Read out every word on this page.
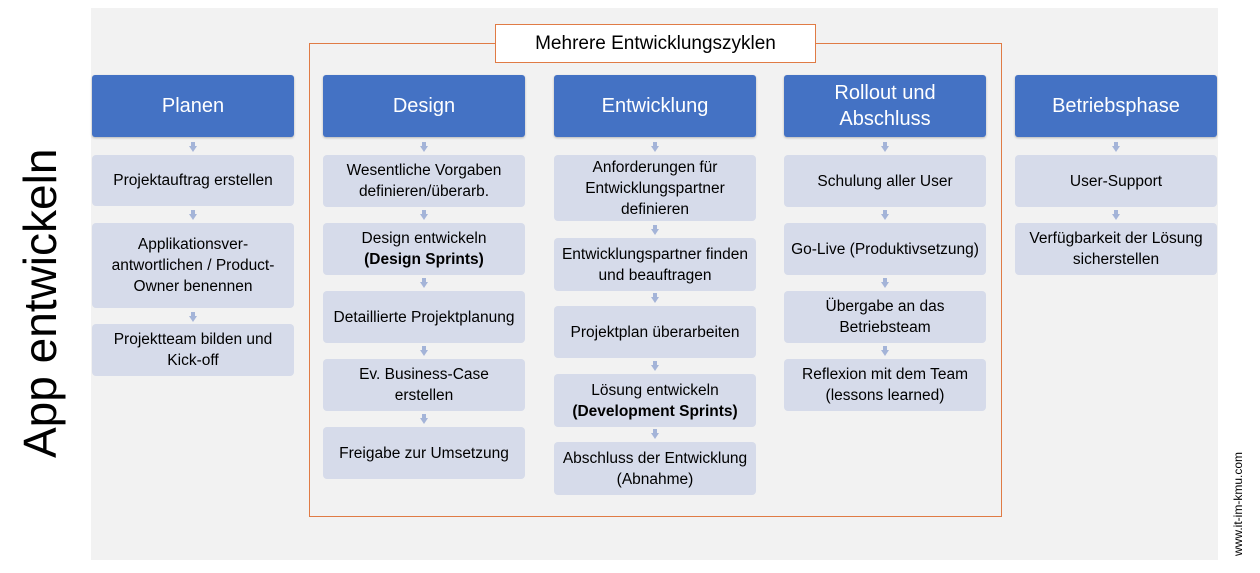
App entwickeln
www.it-im-kmu.com
Mehrere Entwicklungszyklen
Planen
Projektauftrag erstellen
Applikationsver-antwortlichen / Product-Owner benennen
Projektteam bilden und Kick-off
Design
Wesentliche Vorgaben definieren/überarb.
Design entwickeln
(Design Sprints)
Detaillierte Projektplanung
Ev. Business-Case erstellen
Freigabe zur Umsetzung
Entwicklung
Anforderungen für Entwicklungspartner definieren
Entwicklungspartner finden und beauftragen
Projektplan überarbeiten
Lösung entwickeln
(Development Sprints)
Abschluss der Entwicklung (Abnahme)
Rollout und
Abschluss
Schulung aller User
Go-Live (Produktivsetzung)
Übergabe an das Betriebsteam
Reflexion mit dem Team (lessons learned)
Betriebsphase
User-Support
Verfügbarkeit der Lösung sicherstellen
